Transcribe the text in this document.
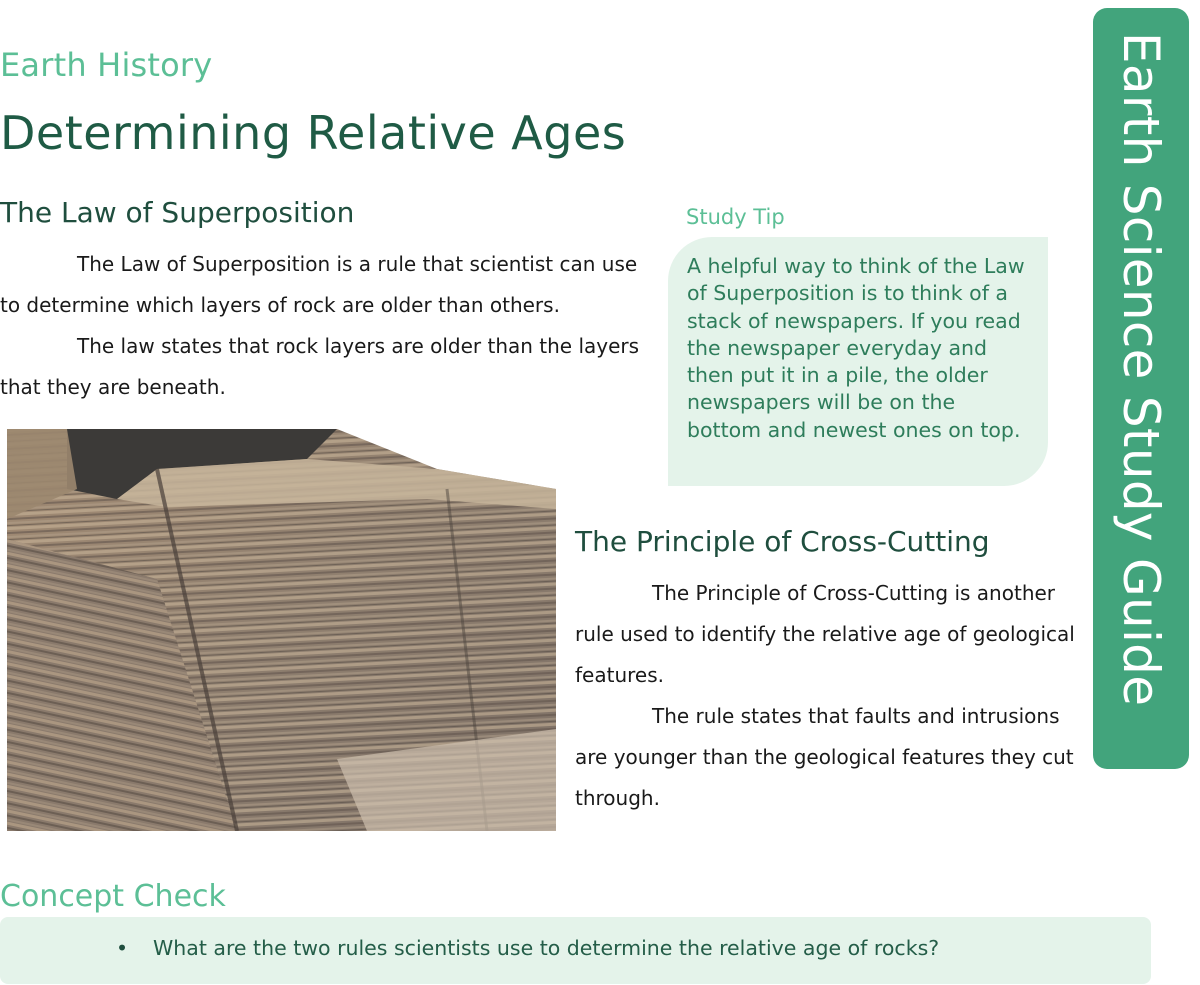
Earth History
Determining Relative Ages
The Law of Superposition

The Law of Superposition is a rule that scientist can use to determine which layers of rock are older than others.

The law states that rock layers are older than the layers that they are beneath.

Study Tip

A helpful way to think of the Law of Superposition is to think of a stack of newspapers. If you read the newspaper everyday and then put it in a pile, the older newspapers will be on the bottom and newest ones on top.

The Principle of Cross-Cutting

The Principle of Cross-Cutting is another rule used to identify the relative age of geological features.

The rule states that faults and intrusions are younger than the geological features they cut through.

Earth Science Study Guide
Concept Check
• What are the two rules scientists use to determine the relative age of rocks?
